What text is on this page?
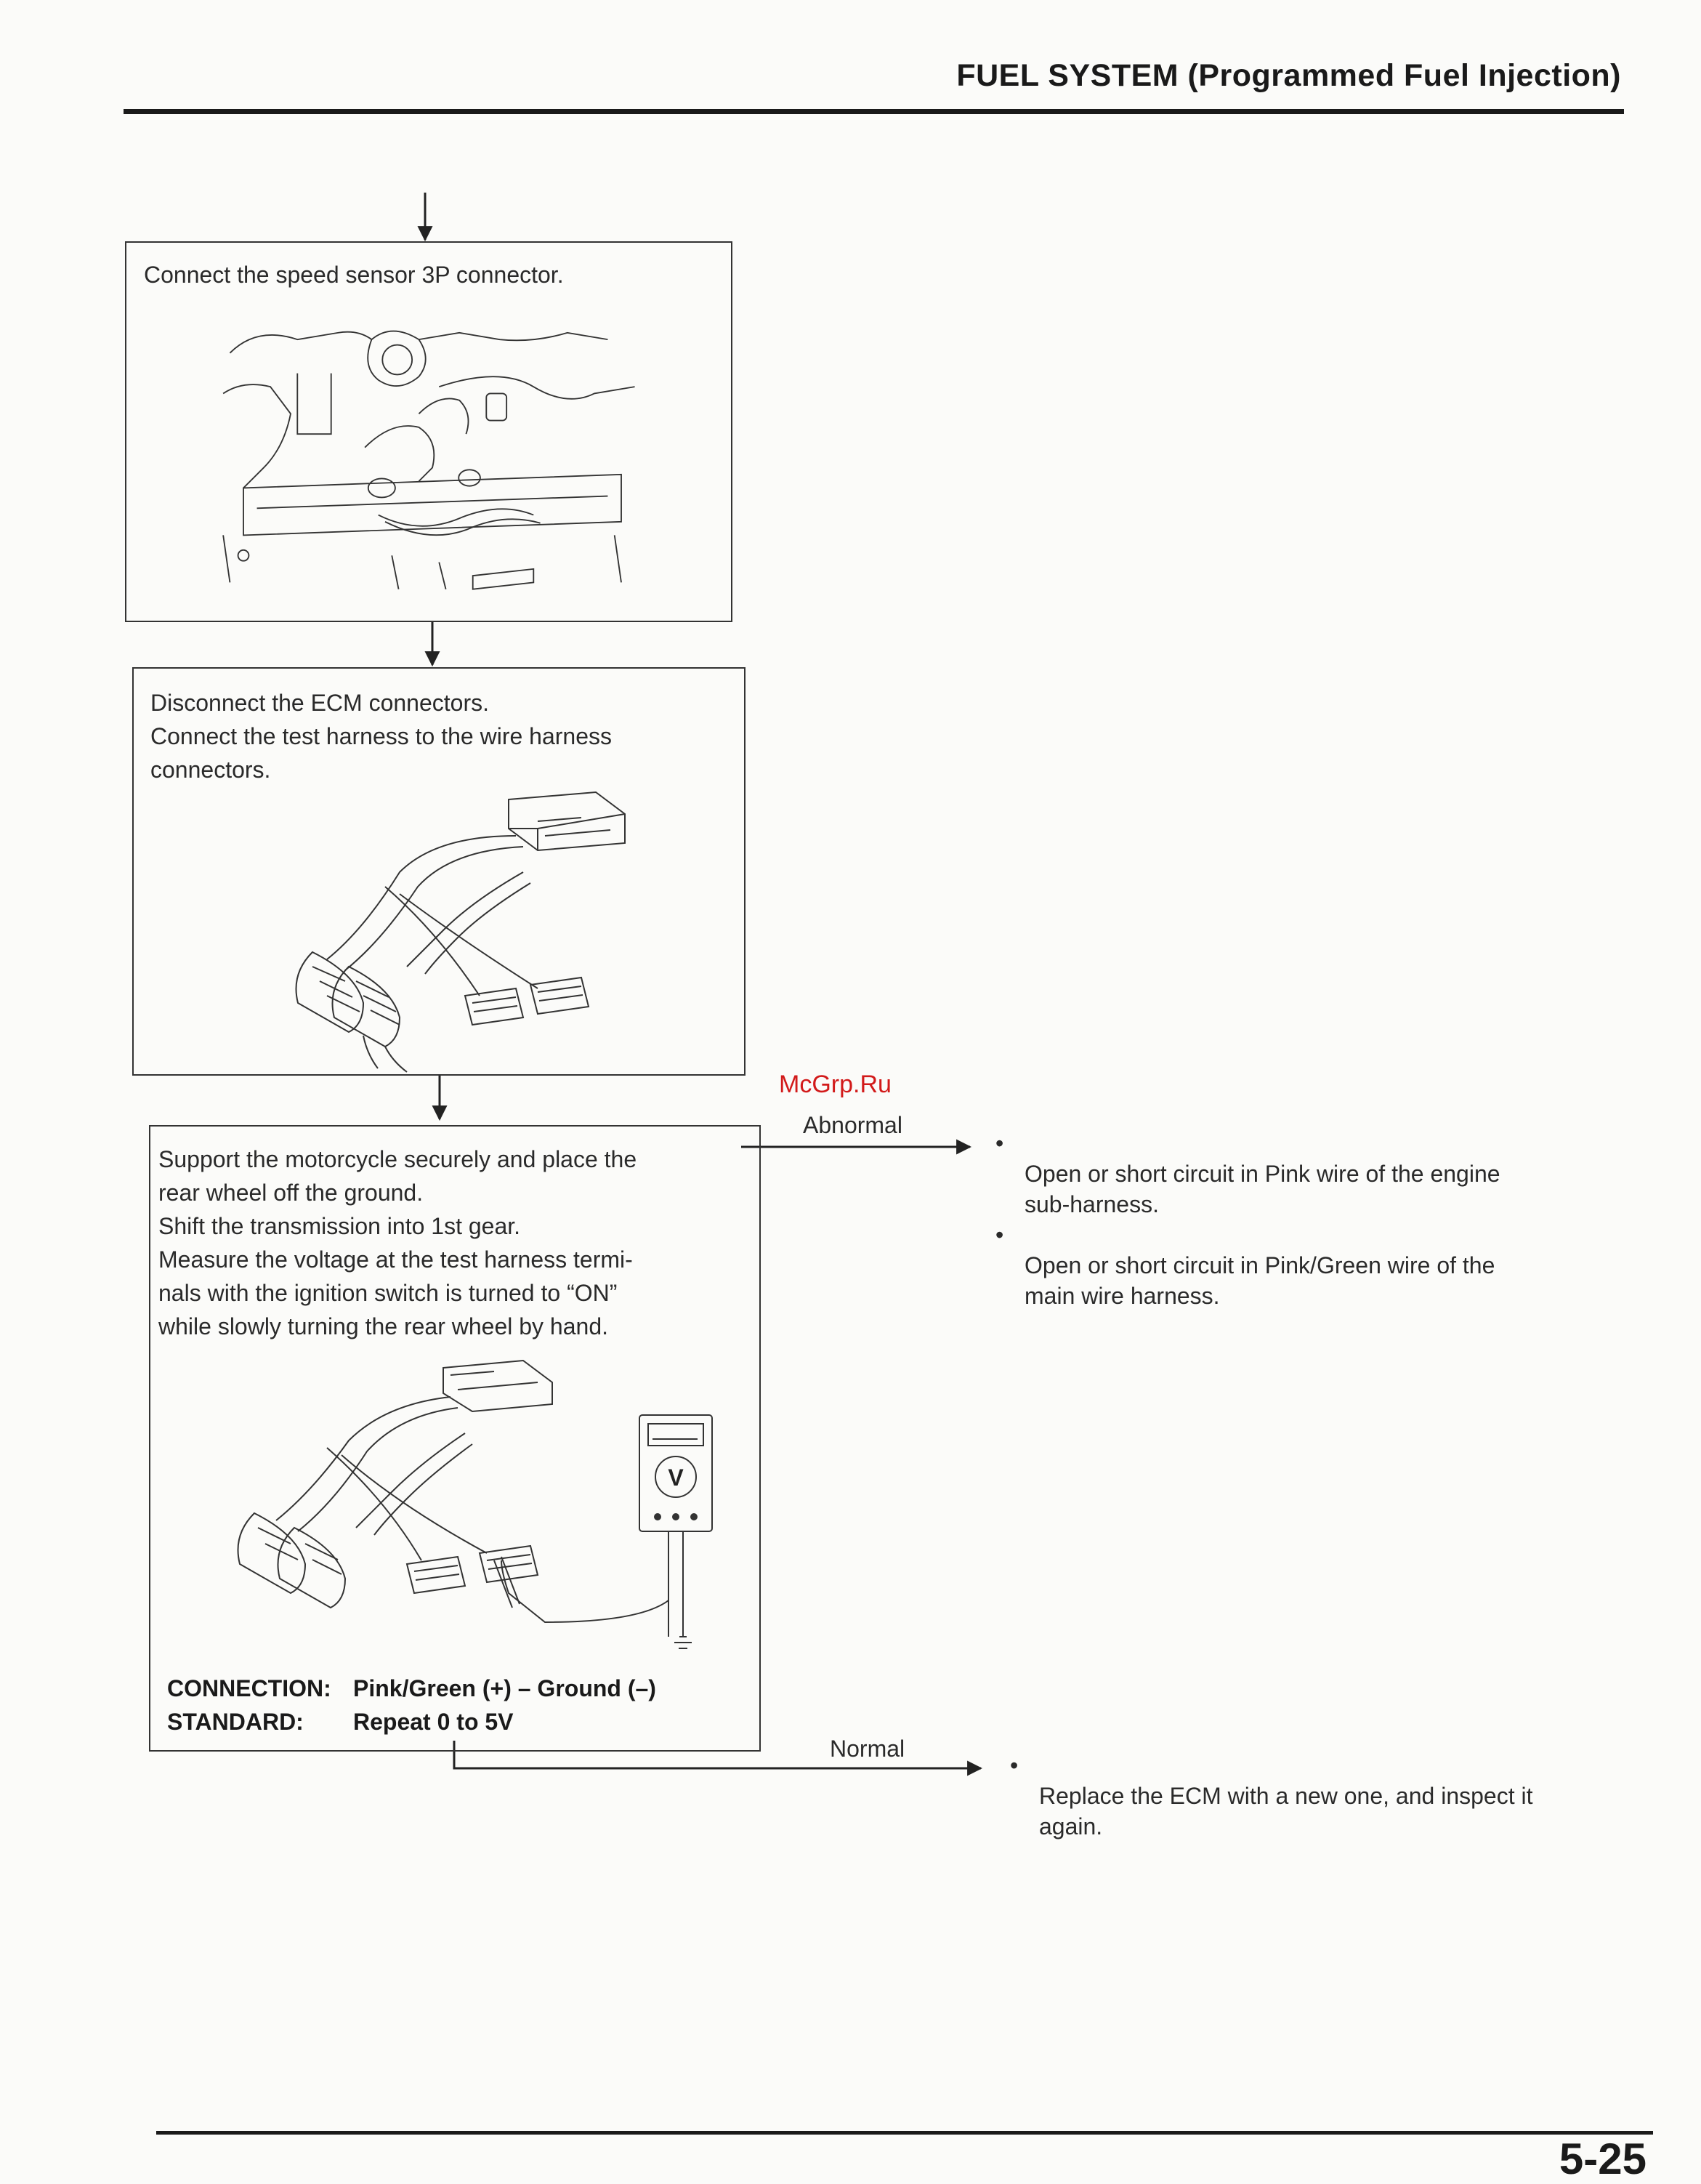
FUEL SYSTEM (Programmed Fuel Injection)
Connect the speed sensor 3P connector.
Disconnect the ECM connectors.
Connect the test harness to the wire harness
connectors.
Support the motorcycle securely and place the
rear wheel off the ground.
Shift the transmission into 1st gear.
Measure the voltage at the test harness termi-
nals with the ignition switch is turned to “ON”
while slowly turning the rear wheel by hand.
V
CONNECTION: Pink/Green (+) – Ground (–)
STANDARD: Repeat 0 to 5V
Abnormal
Normal
McGrp.Ru

•
Open or short circuit in Pink wire of the engine
sub-harness.

•
Open or short circuit in Pink/Green wire of the
main wire harness.

•
Replace the ECM with a new one, and inspect it
again.

5-25
